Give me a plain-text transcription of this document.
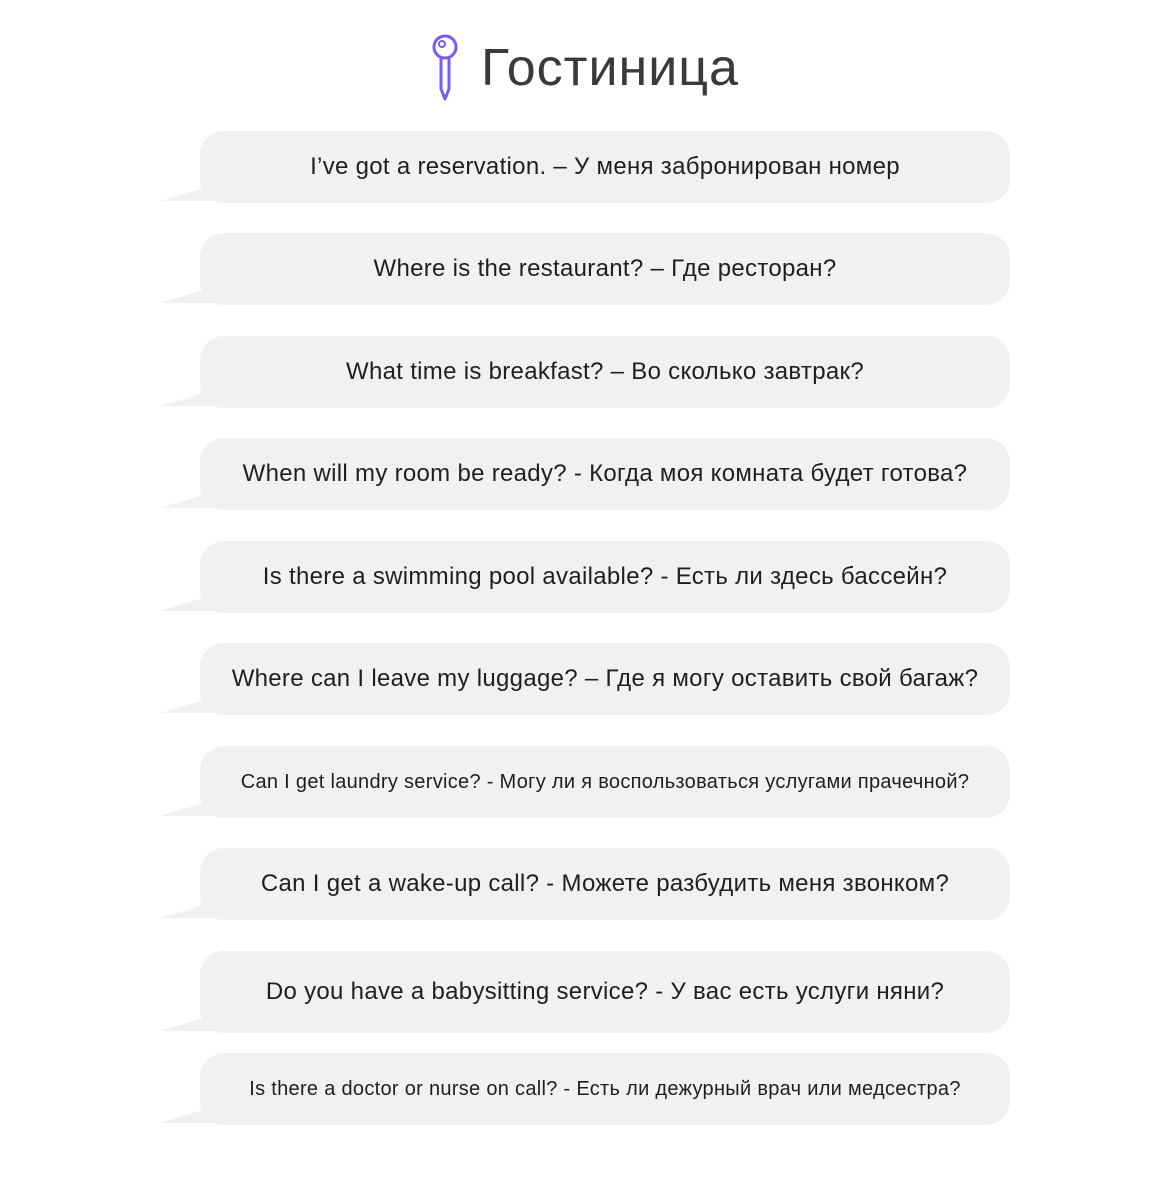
Гостиница
I’ve got a reservation. – У меня забронирован номер
Where is the restaurant? – Где ресторан?
What time is breakfast? – Во сколько завтрак?
When will my room be ready? - Когда моя комната будет готова?
Is there a swimming pool available? - Есть ли здесь бассейн?
Where can I leave my luggage? – Где я могу оставить свой багаж?
Can I get laundry service? - Могу ли я воспользоваться услугами прачечной?
Can I get a wake-up call? - Можете разбудить меня звонком?
Do you have a babysitting service? - У вас есть услуги няни?
Is there a doctor or nurse on call? - Есть ли дежурный врач или медсестра?
